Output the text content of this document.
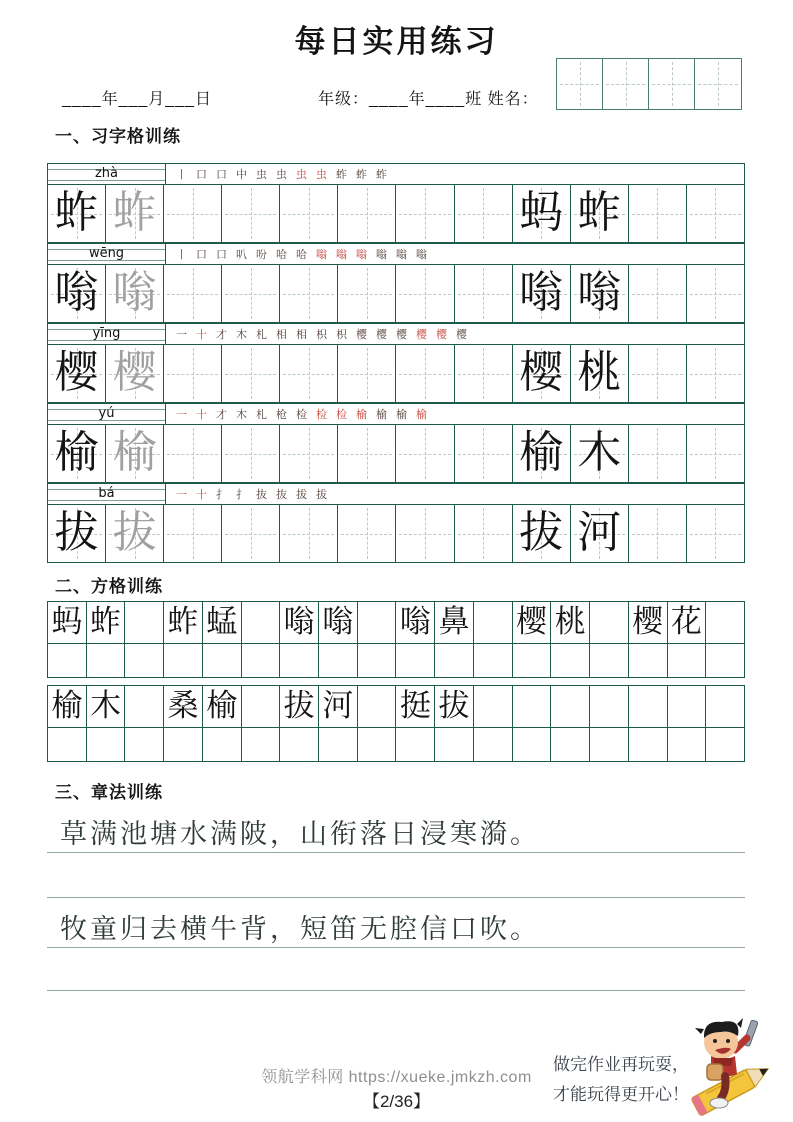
每日实用练习
____年___月___日	年级：____年____班 姓名：
一、习字格训练
zhà	丨 口 口 中 虫 虫 虫 虫 蚱 蚱 蚱
蚱 蚱	蚂 蚱
wēng	丨 口 口 叭 吩 哈 哈 嗡 嗡 嗡 嗡 嗡 嗡
嗡 嗡	嗡 嗡
yīng	一 十 才 木 札 相 相 枳 枳 樱 樱 樱 樱 樱 樱
樱 樱	樱 桃
yú	一 十 才 木 札 枪 检 检 检 榆 榆 榆 榆
榆 榆	榆 木
bá	一 十 扌 扌 抜 抜 拔 拔
拔 拔	拔 河
二、方格训练
蚂 蚱 蚱 蜢 嗡 嗡 嗡 鼻 樱 桃 樱 花
榆 木 桑 榆 拔 河 挺 拔
三、章法训练
草满池塘水满陂，山衔落日浸寒漪。
牧童归去横牛背，短笛无腔信口吹。
领航学科网 https://xueke.jmkzh.com
【2/36】
做完作业再玩耍，
才能玩得更开心！
